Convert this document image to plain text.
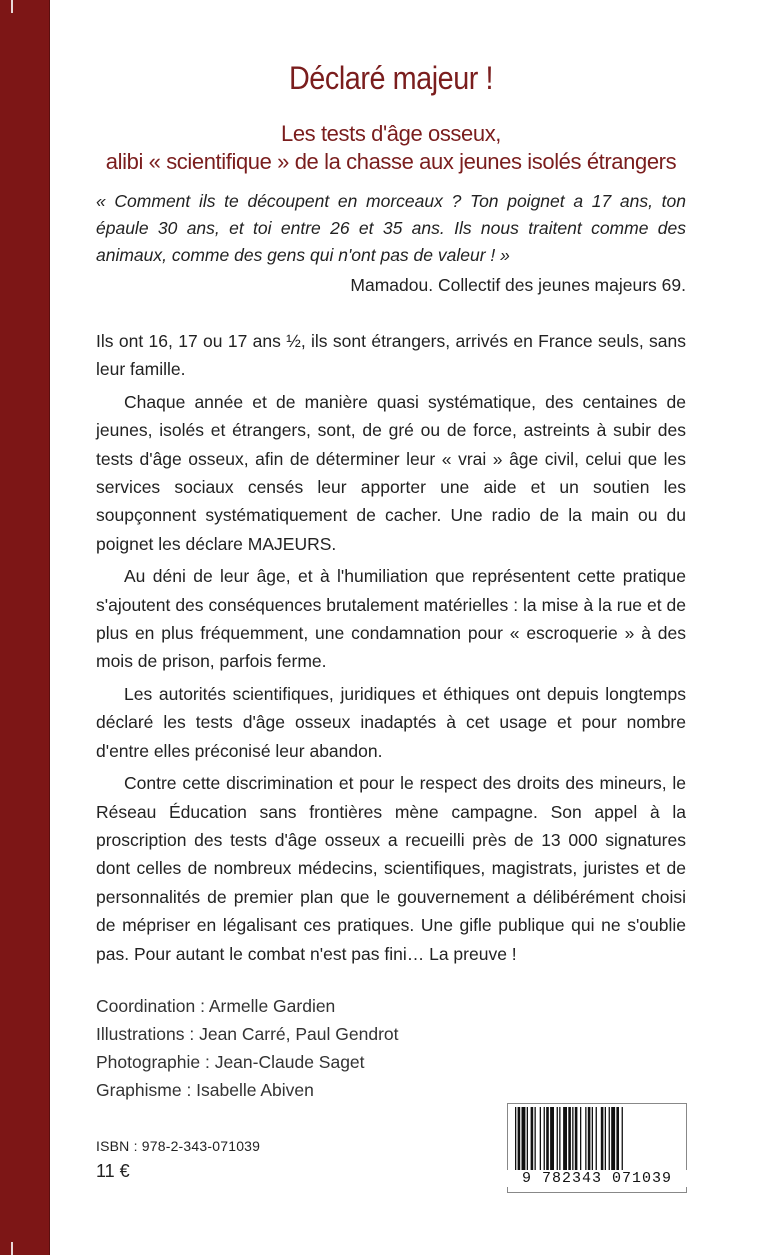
Déclaré majeur !
Les tests d'âge osseux,
alibi « scientifique » de la chasse aux jeunes isolés étrangers

« Comment ils te découpent en morceaux ? Ton poignet a 17 ans, ton épaule 30 ans, et toi entre 26 et 35 ans. Ils nous traitent comme des animaux, comme des gens qui n'ont pas de valeur ! »

Mamadou. Collectif des jeunes majeurs 69.

Ils ont 16, 17 ou 17 ans ½, ils sont étrangers, arrivés en France seuls, sans leur famille.

Chaque année et de manière quasi systématique, des centaines de jeunes, isolés et étrangers, sont, de gré ou de force, astreints à subir des tests d'âge osseux, afin de déterminer leur « vrai » âge civil, celui que les services sociaux censés leur apporter une aide et un soutien les soupçonnent systématiquement de cacher. Une radio de la main ou du poignet les déclare MAJEURS.

Au déni de leur âge, et à l'humiliation que représentent cette pratique s'ajoutent des conséquences brutalement matérielles : la mise à la rue et de plus en plus fréquemment, une condamnation pour « escroquerie » à des mois de prison, parfois ferme.

Les autorités scientifiques, juridiques et éthiques ont depuis longtemps déclaré les tests d'âge osseux inadaptés à cet usage et pour nombre d'entre elles préconisé leur abandon.

Contre cette discrimination et pour le respect des droits des mineurs, le Réseau Éducation sans frontières mène campagne. Son appel à la proscription des tests d'âge osseux a recueilli près de 13 000 signatures dont celles de nombreux médecins, scientifiques, magistrats, juristes et de personnalités de premier plan que le gouvernement a délibérément choisi de mépriser en légalisant ces pratiques. Une gifle publique qui ne s'oublie pas. Pour autant le combat n'est pas fini… La preuve !

Coordination : Armelle Gardien
Illustrations : Jean Carré, Paul Gendrot
Photographie : Jean-Claude Saget
Graphisme : Isabelle Abiven
ISBN : 978-2-343-071039
11 €	9 782343 071039
